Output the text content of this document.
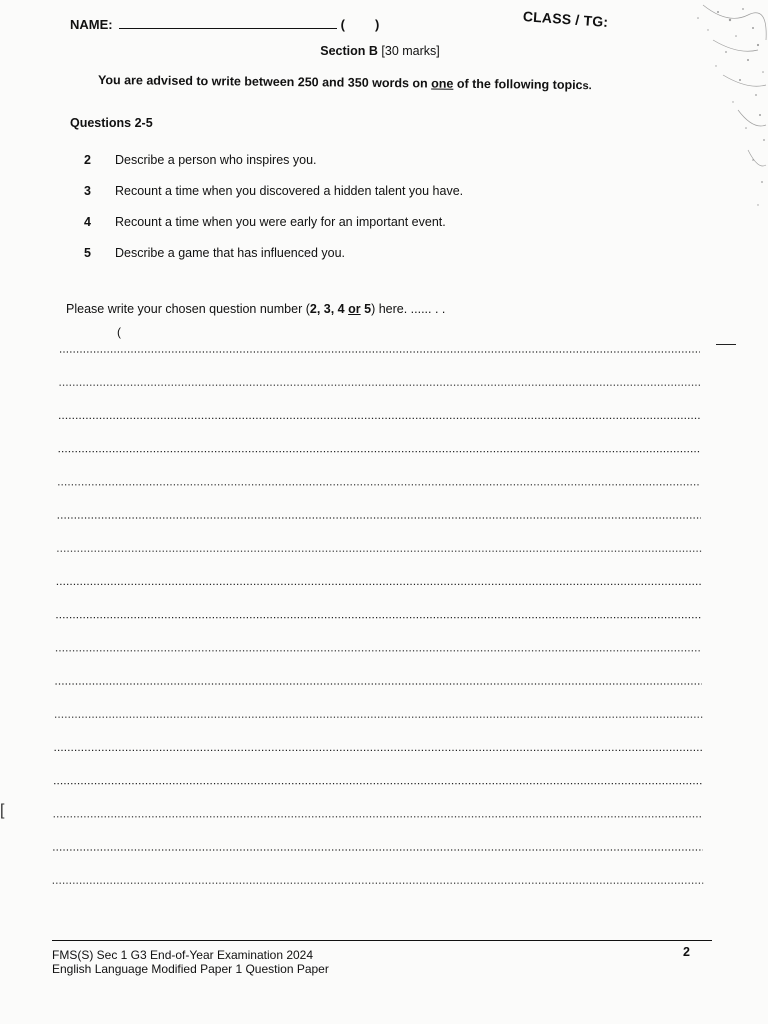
NAME:	( )	CLASS / TG:
Section B [30 marks]
You are advised to write between 250 and 350 words on one of the following topics.
Questions 2-5
2	Describe a person who inspires you.
3	Recount a time when you discovered a hidden talent you have.
4	Recount a time when you were early for an important event.
5	Describe a game that has influenced you.
Please write your chosen question number (2, 3, 4 or 5) here. ...... . .
(
[
FMS(S) Sec 1 G3 End-of-Year Examination 2024
English Language Modified Paper 1 Question Paper
2
